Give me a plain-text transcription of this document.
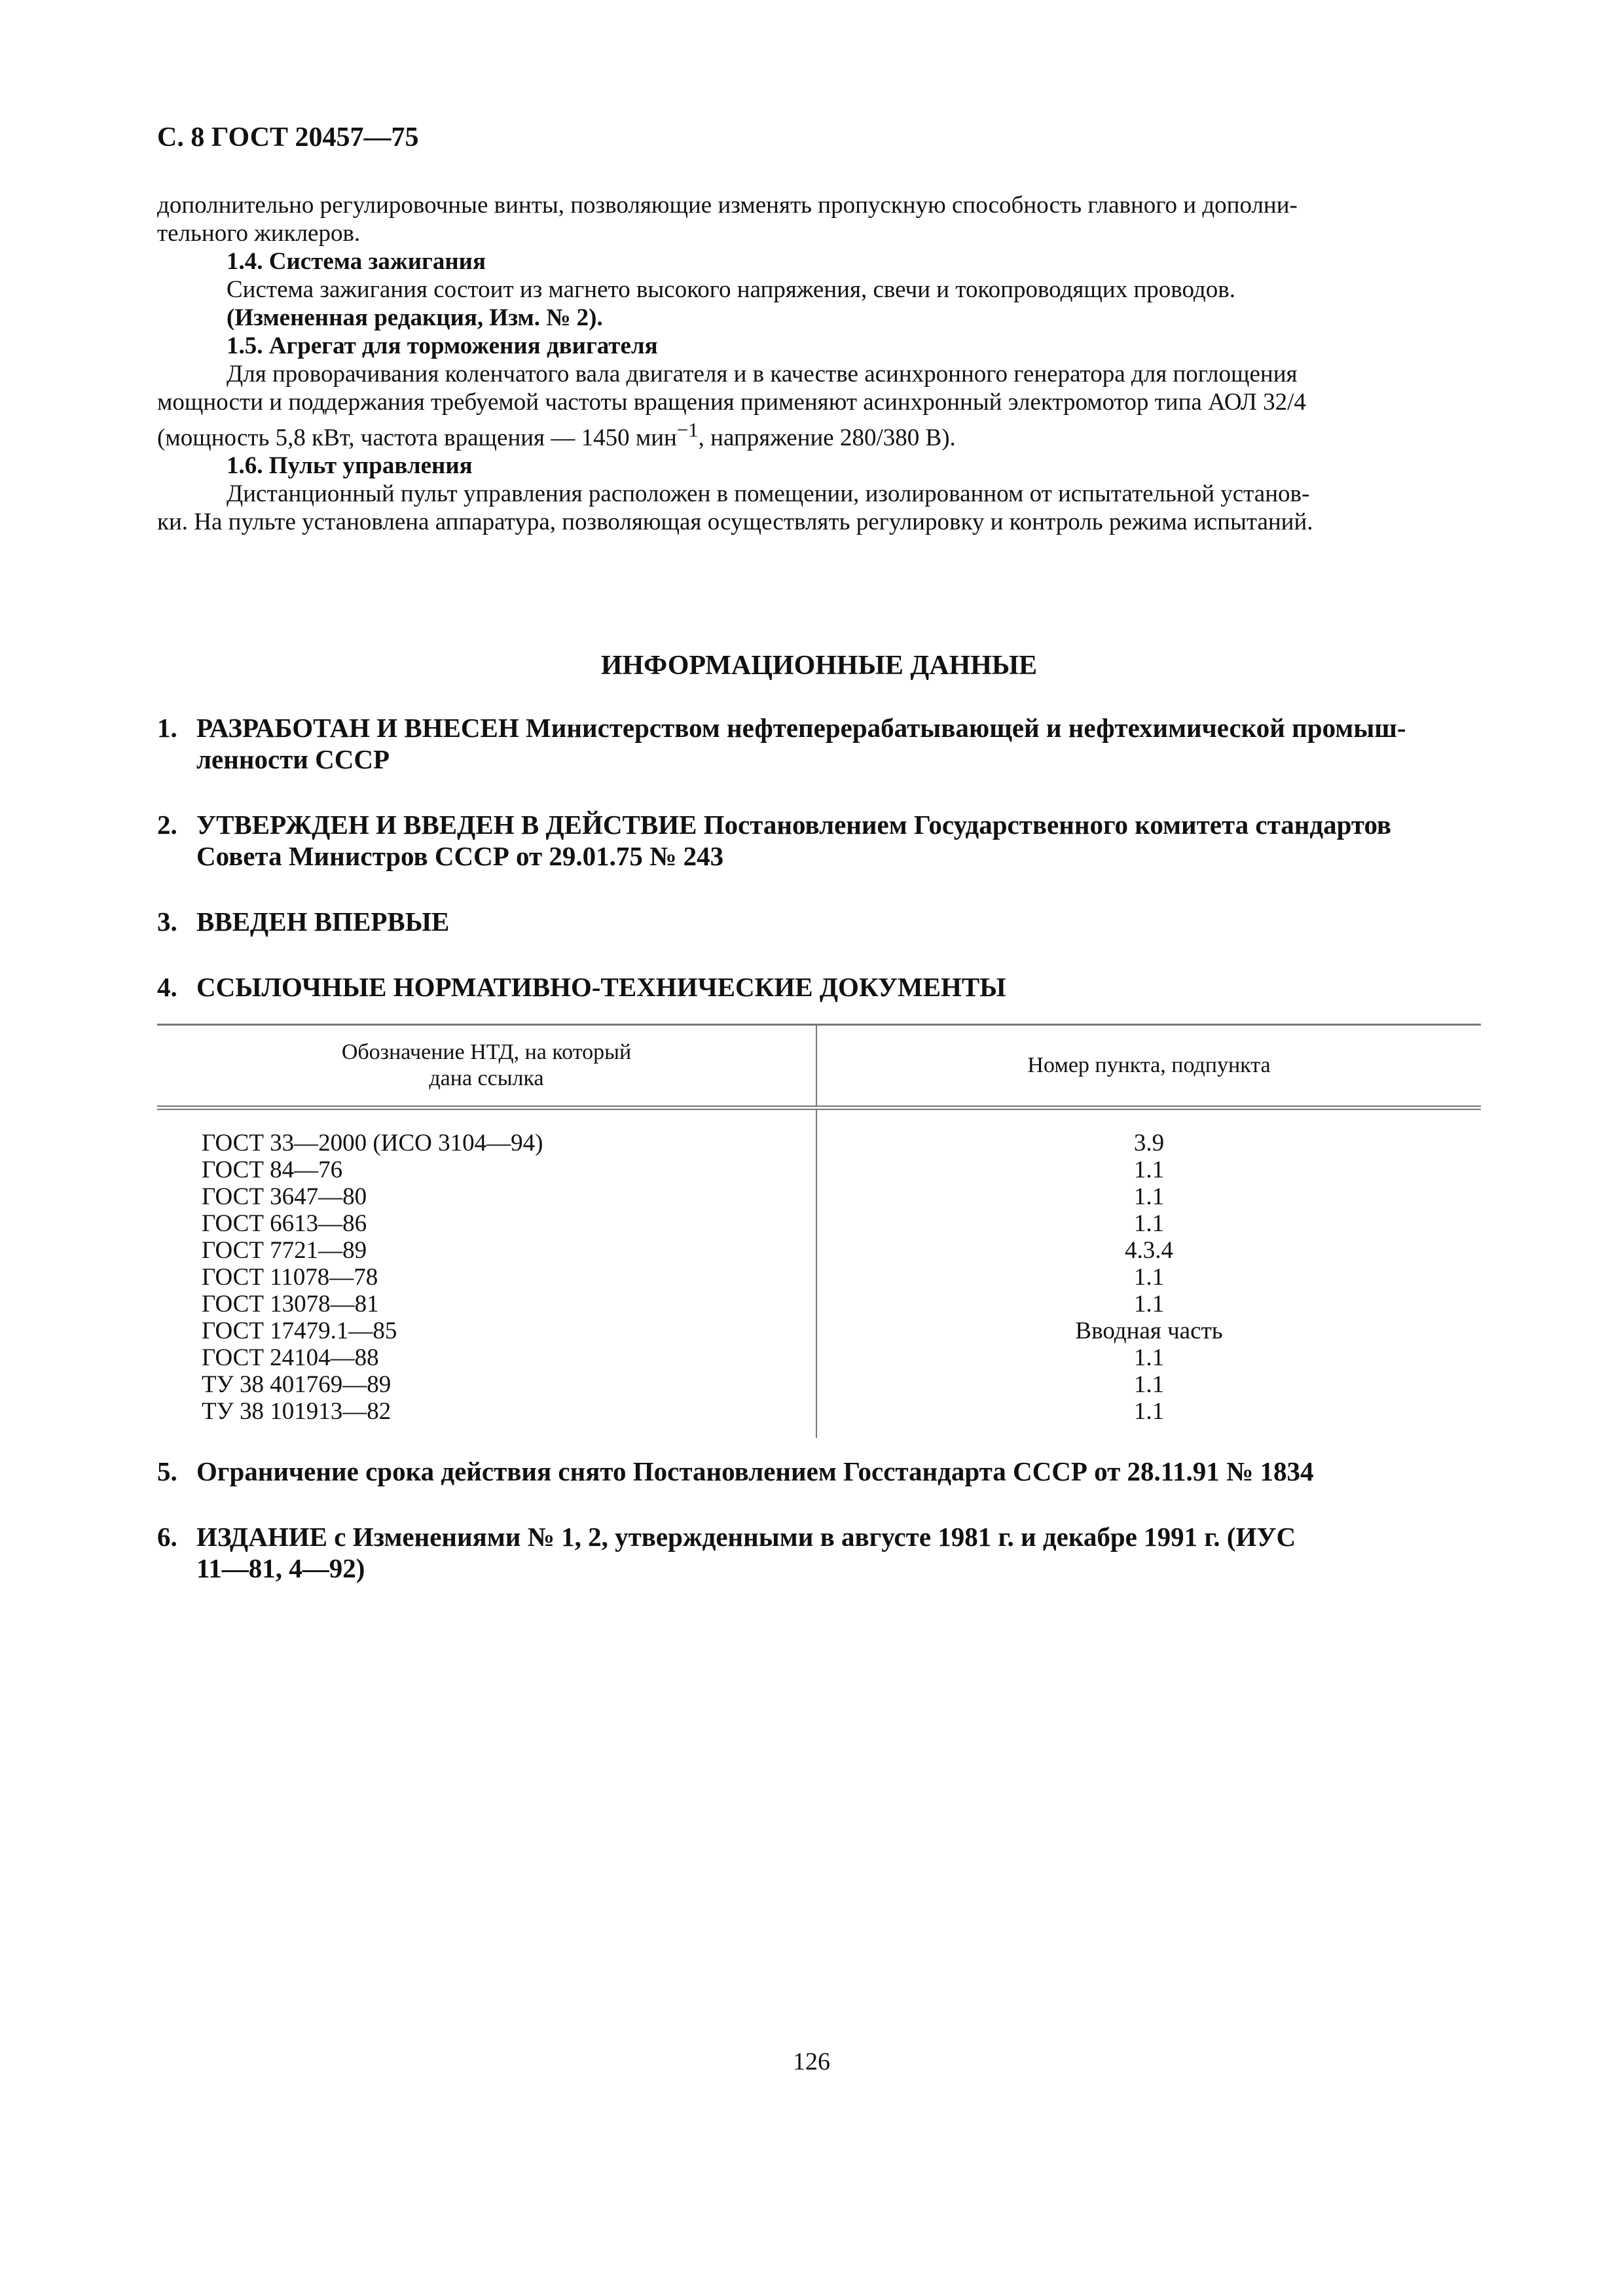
С. 8 ГОСТ 20457—75

дополнительно регулировочные винты, позволяющие изменять пропускную способность главного и дополни-

тельного жиклеров.

1.4. Система зажигания

Система зажигания состоит из магнето высокого напряжения, свечи и токопроводящих проводов.

(Измененная редакция, Изм. № 2).

1.5. Агрегат для торможения двигателя

Для проворачивания коленчатого вала двигателя и в качестве асинхронного генератора для поглощения

мощности и поддержания требуемой частоты вращения применяют асинхронный электромотор типа АОЛ 32/4

(мощность 5,8 кВт, частота вращения — 1450 мин$^{-1}$, напряжение 280/380 В).

1.6. Пульт управления

Дистанционный пульт управления расположен в помещении, изолированном от испытательной установ-

ки. На пульте установлена аппаратура, позволяющая осуществлять регулировку и контроль режима испытаний.

ИНФОРМАЦИОННЫЕ ДАННЫЕ
1. РАЗРАБОТАН И ВНЕСЕН Министерством нефтеперерабатывающей и нефтехимической промыш-
ленности СССР
2. УТВЕРЖДЕН И ВВЕДЕН В ДЕЙСТВИЕ Постановлением Государственного комитета стандартов
Совета Министров СССР от 29.01.75 № 243
3. ВВЕДЕН ВПЕРВЫЕ
4. ССЫЛОЧНЫЕ НОРМАТИВНО-ТЕХНИЧЕСКИЕ ДОКУМЕНТЫ
Обозначение НТД, на который
дана ссылка
Номер пункта, подпункта
ГОСТ 33—2000 (ИСО 3104—94)
ГОСТ 84—76
ГОСТ 3647—80
ГОСТ 6613—86
ГОСТ 7721—89
ГОСТ 11078—78
ГОСТ 13078—81
ГОСТ 17479.1—85
ГОСТ 24104—88
ТУ 38 401769—89
ТУ 38 101913—82
3.9
1.1
1.1
1.1
4.3.4
1.1
1.1
Вводная часть
1.1
1.1
1.1
5. Ограничение срока действия снято Постановлением Госстандарта СССР от 28.11.91 № 1834
6. ИЗДАНИЕ с Изменениями № 1, 2, утвержденными в августе 1981 г. и декабре 1991 г. (ИУС
11—81, 4—92)

126
